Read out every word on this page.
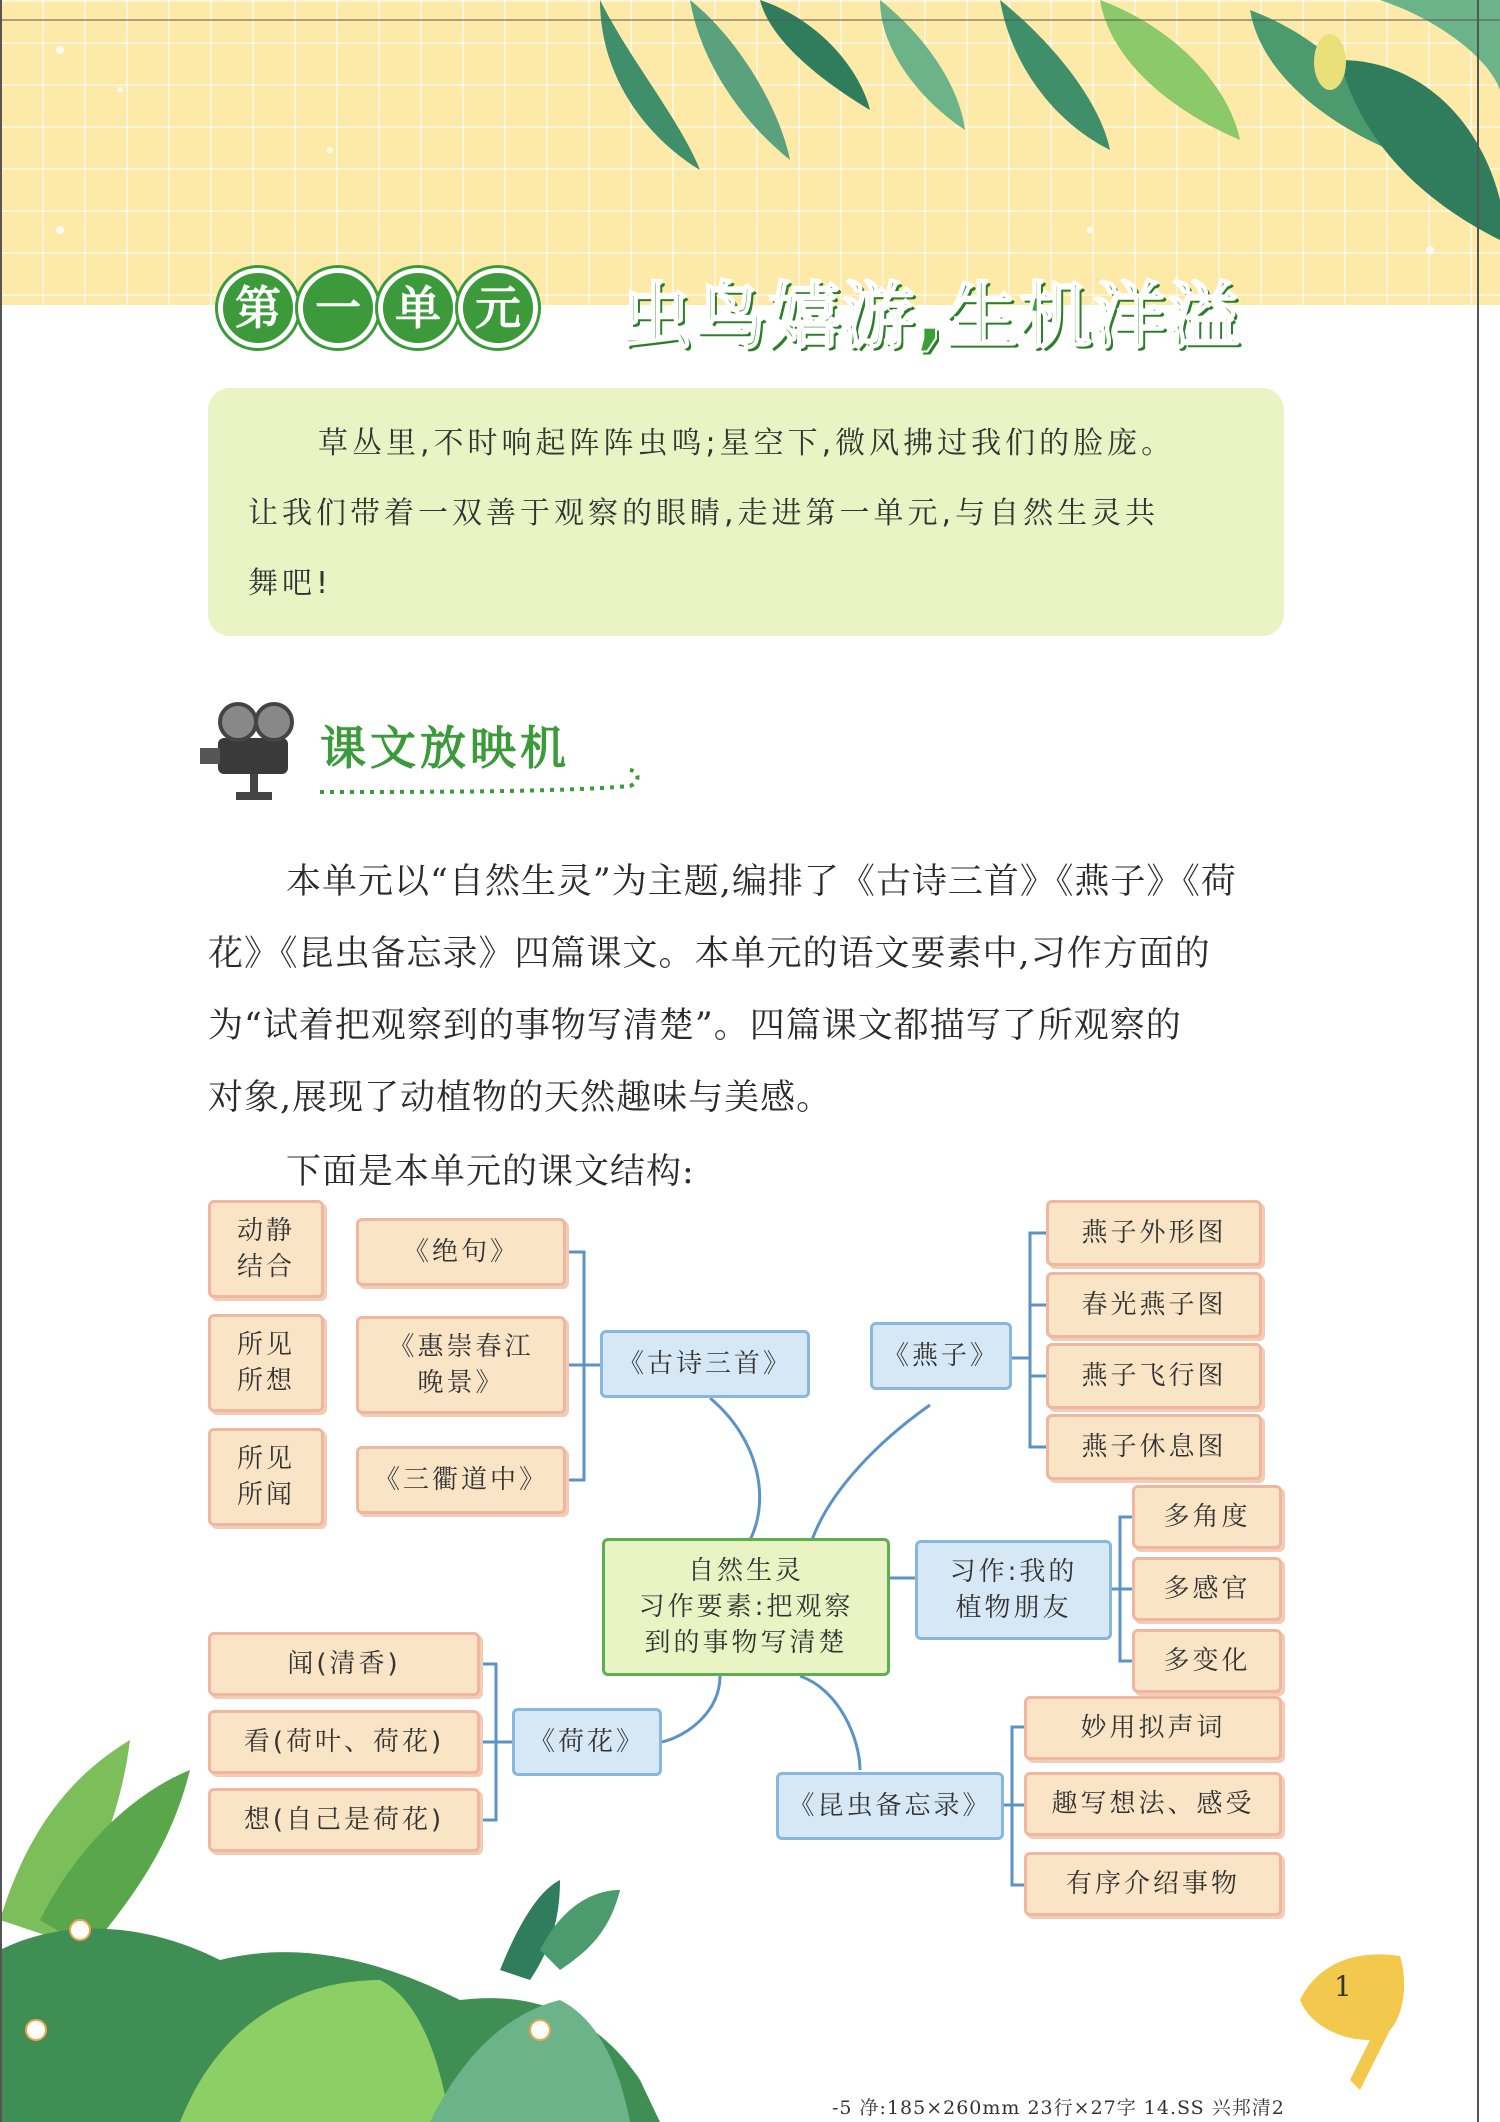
第 一 单 元 虫鸟嬉游,生机洋溢
草丛里,不时响起阵阵虫鸣;星空下,微风拂过我们的脸庞。
让我们带着一双善于观察的眼睛,走进第一单元,与自然生灵共
舞吧!
课文放映机
本单元以“自然生灵”为主题,编排了《古诗三首》《燕子》《荷
花》《昆虫备忘录》四篇课文。本单元的语文要素中,习作方面的
为“试着把观察到的事物写清楚”。四篇课文都描写了所观察的
对象,展现了动植物的天然趣味与美感。
下面是本单元的课文结构:
动静
结合	《绝句》
所见
所想
《惠崇春江
晚景》
所见
所闻	《三衢道中》
《古诗三首》	《燕子》
燕子外形图
春光燕子图
燕子飞行图
燕子休息图
自然生灵
习作要素:把观察
到的事物写清楚
习作:我的
植物朋友
多角度
多感官
多变化
闻(清香)
看(荷叶、荷花)
想(自己是荷花)
《荷花》
《昆虫备忘录》
妙用拟声词
趣写想法、感受
有序介绍事物
1
-5 净:185×260mm 23行×27字 14.SS 兴邦清2
